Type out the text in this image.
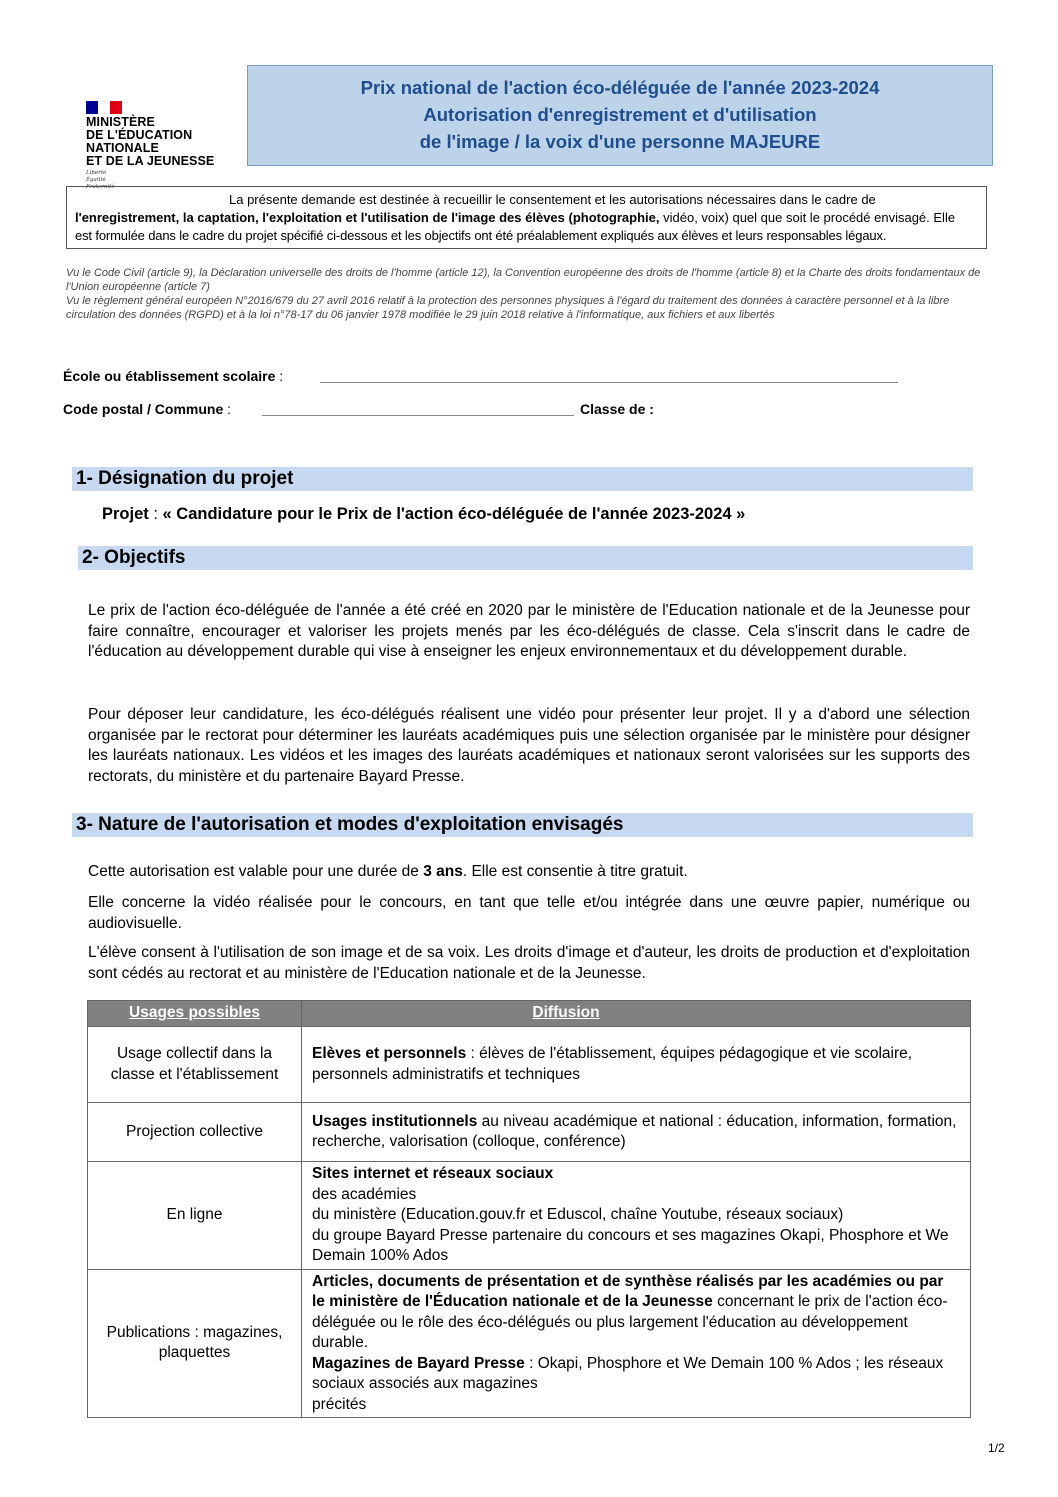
MINISTÈRE
DE L'ÉDUCATION
NATIONALE
ET DE LA JEUNESSE
Liberté
Égalité
Fraternité
Prix national de l'action éco-déléguée de l'année 2023-2024
Autorisation d'enregistrement et d'utilisation
de l'image / la voix d'une personne MAJEURE
La présente demande est destinée à recueillir le consentement et les autorisations nécessaires dans le cadre de
l'enregistrement, la captation, l'exploitation et l'utilisation de l'image des élèves (photographie, vidéo, voix) quel que soit le procédé envisagé. Elle
est formulée dans le cadre du projet spécifié ci-dessous et les objectifs ont été préalablement expliqués aux élèves et leurs responsables légaux.
Vu le Code Civil (article 9), la Déclaration universelle des droits de l'homme (article 12), la Convention européenne des droits de l'homme (article 8) et la Charte des droits fondamentaux de l'Union européenne (article 7)
Vu le règlement général européen N°2016/679 du 27 avril 2016 relatif à la protection des personnes physiques à l'égard du traitement des données à caractère personnel et à la libre circulation des données (RGPD) et à la loi n°78-17 du 06 janvier 1978 modifiée le 29 juin 2018 relative à l'informatique, aux fichiers et aux libertés
École ou établissement scolaire :
Code postal / Commune :	Classe de :
1- Désignation du projet
Projet : « Candidature pour le Prix de l'action éco-déléguée de l'année 2023-2024 »
2- Objectifs
Le prix de l'action éco-déléguée de l'année a été créé en 2020 par le ministère de l'Education nationale et de la Jeunesse pour faire connaître, encourager et valoriser les projets menés par les éco-délégués de classe. Cela s'inscrit dans le cadre de l'éducation au développement durable qui vise à enseigner les enjeux environnementaux et du développement durable.
Pour déposer leur candidature, les éco-délégués réalisent une vidéo pour présenter leur projet. Il y a d'abord une sélection organisée par le rectorat pour déterminer les lauréats académiques puis une sélection organisée par le ministère pour désigner les lauréats nationaux. Les vidéos et les images des lauréats académiques et nationaux seront valorisées sur les supports des rectorats, du ministère et du partenaire Bayard Presse.
3- Nature de l'autorisation et modes d'exploitation envisagés
Cette autorisation est valable pour une durée de 3 ans. Elle est consentie à titre gratuit.
Elle concerne la vidéo réalisée pour le concours, en tant que telle et/ou intégrée dans une œuvre papier, numérique ou audiovisuelle.
L'élève consent à l'utilisation de son image et de sa voix. Les droits d'image et d'auteur, les droits de production et d'exploitation sont cédés au rectorat et au ministère de l'Education nationale et de la Jeunesse.
Usages possibles	Diffusion
Usage collectif dans la classe et l'établissement	Elèves et personnels : élèves de l'établissement, équipes pédagogique et vie scolaire, personnels administratifs et techniques
Projection collective	Usages institutionnels au niveau académique et national : éducation, information, formation, recherche, valorisation (colloque, conférence)
En ligne	Sites internet et réseaux sociaux
des académies
du ministère (Education.gouv.fr et Eduscol, chaîne Youtube, réseaux sociaux)
du groupe Bayard Presse partenaire du concours et ses magazines Okapi, Phosphore et We Demain 100% Ados

Publications : magazines, plaquettes	Articles, documents de présentation et de synthèse réalisés par les académies ou par le ministère de l'Éducation nationale et de la Jeunesse concernant le prix de l'action éco-déléguée ou le rôle des éco-délégués ou plus largement l'éducation au développement durable.
Magazines de Bayard Presse : Okapi, Phosphore et We Demain 100 % Ados ; les réseaux sociaux associés aux magazines
précités
1/2
